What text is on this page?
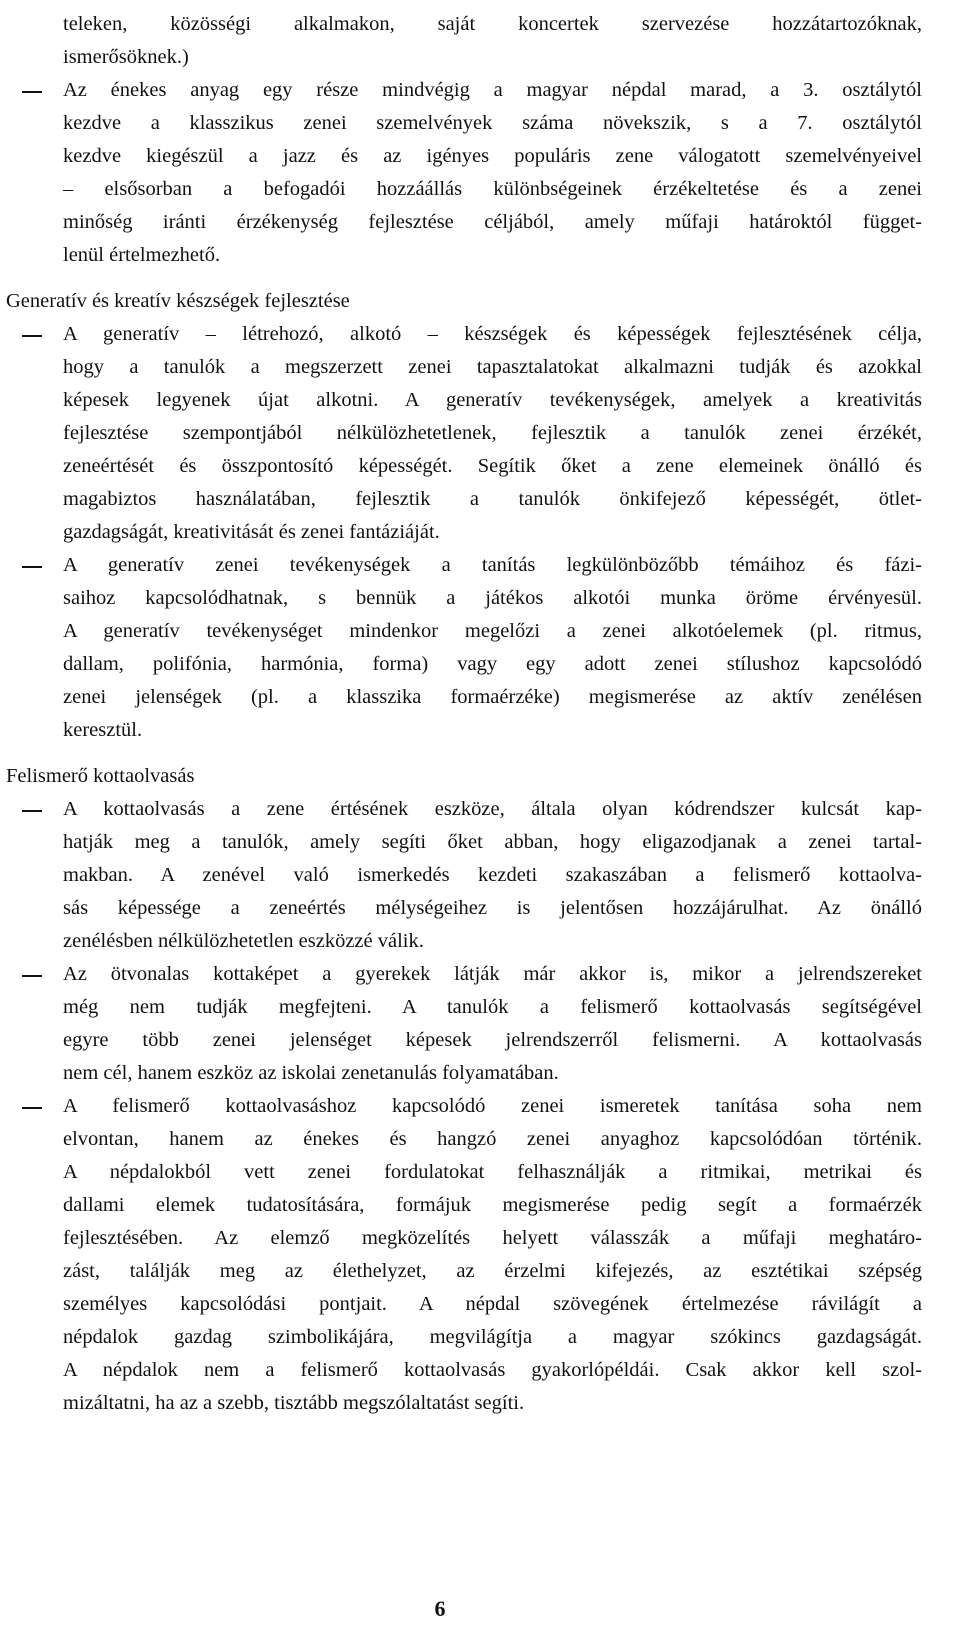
teleken, közösségi alkalmakon, saját koncertek szervezése hozzátartozóknak,
ismerősöknek.)
Az énekes anyag egy része mindvégig a magyar népdal marad, a 3. osztálytól
kezdve a klasszikus zenei szemelvények száma növekszik, s a 7. osztálytól
kezdve kiegészül a jazz és az igényes populáris zene válogatott szemelvényeivel
– elsősorban a befogadói hozzáállás különbségeinek érzékeltetése és a zenei
minőség iránti érzékenység fejlesztése céljából, amely műfaji határoktól függet-
lenül értelmezhető.
Generatív és kreatív készségek fejlesztése
A generatív – létrehozó, alkotó – készségek és képességek fejlesztésének célja,
hogy a tanulók a megszerzett zenei tapasztalatokat alkalmazni tudják és azokkal
képesek legyenek újat alkotni. A generatív tevékenységek, amelyek a kreativitás
fejlesztése szempontjából nélkülözhetetlenek, fejlesztik a tanulók zenei érzékét,
zeneértését és összpontosító képességét. Segítik őket a zene elemeinek önálló és
magabiztos használatában, fejlesztik a tanulók önkifejező képességét, ötlet-
gazdagságát, kreativitását és zenei fantáziáját.
A generatív zenei tevékenységek a tanítás legkülönbözőbb témáihoz és fázi-
saihoz kapcsolódhatnak, s bennük a játékos alkotói munka öröme érvényesül.
A generatív tevékenységet mindenkor megelőzi a zenei alkotóelemek (pl. ritmus,
dallam, polifónia, harmónia, forma) vagy egy adott zenei stílushoz kapcsolódó
zenei jelenségek (pl. a klasszika formaérzéke) megismerése az aktív zenélésen
keresztül.
Felismerő kottaolvasás
A kottaolvasás a zene értésének eszköze, általa olyan kódrendszer kulcsát kap-
hatják meg a tanulók, amely segíti őket abban, hogy eligazodjanak a zenei tartal-
makban. A zenével való ismerkedés kezdeti szakaszában a felismerő kottaolva-
sás képessége a zeneértés mélységeihez is jelentősen hozzájárulhat. Az önálló
zenélésben nélkülözhetetlen eszközzé válik.
Az ötvonalas kottaképet a gyerekek látják már akkor is, mikor a jelrendszereket
még nem tudják megfejteni. A tanulók a felismerő kottaolvasás segítségével
egyre több zenei jelenséget képesek jelrendszerről felismerni. A kottaolvasás
nem cél, hanem eszköz az iskolai zenetanulás folyamatában.
A felismerő kottaolvasáshoz kapcsolódó zenei ismeretek tanítása soha nem
elvontan, hanem az énekes és hangzó zenei anyaghoz kapcsolódóan történik.
A népdalokból vett zenei fordulatokat felhasználják a ritmikai, metrikai és
dallami elemek tudatosítására, formájuk megismerése pedig segít a formaérzék
fejlesztésében. Az elemző megközelítés helyett válasszák a műfaji meghatáro-
zást, találják meg az élethelyzet, az érzelmi kifejezés, az esztétikai szépség
személyes kapcsolódási pontjait. A népdal szövegének értelmezése rávilágít a
népdalok gazdag szimbolikájára, megvilágítja a magyar szókincs gazdagságát.
A népdalok nem a felismerő kottaolvasás gyakorlópéldái. Csak akkor kell szol-
mizáltatni, ha az a szebb, tisztább megszólaltatást segíti.
6
